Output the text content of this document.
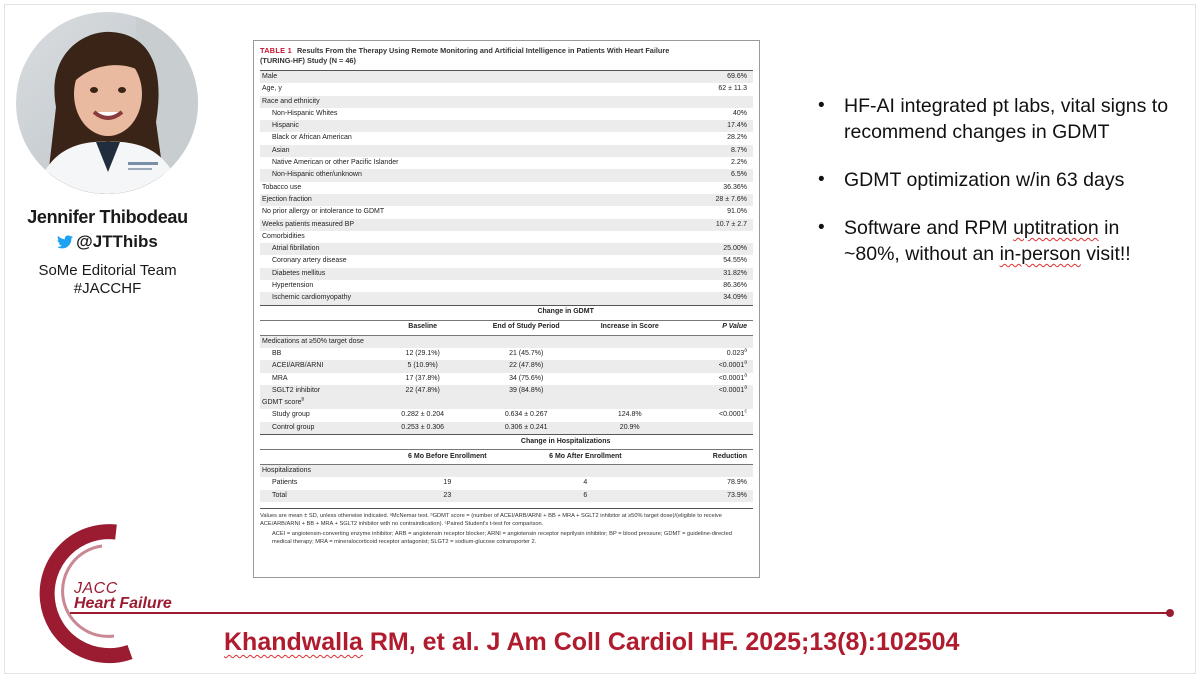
Jennifer Thibodeau
@JTThibs
SoMe Editorial Team
#JACCHF
TABLE 1 Results From the Therapy Using Remote Monitoring and Artificial Intelligence in Patients With Heart Failure
(TURING-HF) Study (N = 46)
Male	69.6%
Age, y	62 ± 11.3
Race and ethnicity	
Non-Hispanic Whites	40%
Hispanic	17.4%
Black or African American	28.2%
Asian	8.7%
Native American or other Pacific Islander	2.2%
Non-Hispanic other/unknown	6.5%
Tobacco use	36.36%
Ejection fraction	28 ± 7.6%
No prior allergy or intolerance to GDMT	91.0%
Weeks patients measured BP	10.7 ± 2.7
Comorbidities	
Atrial fibrillation	25.00%
Coronary artery disease	54.55%
Diabetes mellitus	31.82%
Hypertension	86.36%
Ischemic cardiomyopathy	34.09%
	Change in GDMT			
	Baseline	End of Study Period	Increase in Score	P Value
Medications at ≥50% target dose				
BB	12 (29.1%)	21 (45.7%)		0.023$^a$
ACEI/ARB/ARNI	5 (10.9%)	22 (47.8%)		<0.0001$^a$
MRA	17 (37.8%)	34 (75.6%)		<0.0001$^a$
SGLT2 inhibitor	22 (47.8%)	39 (84.8%)		<0.0001$^a$
GDMT score$^b$
Study group	0.282 ± 0.204	0.634 ± 0.267	124.8%	<0.0001$^c$
Control group	0.253 ± 0.306	0.306 ± 0.241	20.9%	
	Change in Hospitalizations		
	6 Mo Before Enrollment	6 Mo After Enrollment	Reduction
Hospitalizations			
Patients	19	4	78.9%
Total	23	6	73.9%

Values are mean ± SD, unless otherwise indicated. ᵃMcNemar test. ᵇGDMT score = (number of ACEI/ARB/ARNI + BB + MRA + SGLT2 inhibitor at ≥50% target dose)/(eligible to receive ACE/ARB/ARNI + BB + MRA + SGLT2 inhibitor with no contraindication). ᶜPaired Student's t-test for comparison.

ACEI = angiotensin-converting enzyme inhibitor; ARB = angiotensin receptor blocker; ARNI = angiotensin receptor neprilysin inhibitor; BP = blood pressure; GDMT = guideline-directed medical therapy; MRA = mineralocorticoid receptor antagonist; SLGT2 = sodium-glucose cotransporter 2.

• HF-AI integrated pt labs, vital signs to recommend changes in GDMT
• GDMT optimization w/in 63 days
• Software and RPM uptitration in ~80%, without an in-person visit!!
JACC
Heart Failure
Khandwalla RM, et al. J Am Coll Cardiol HF. 2025;13(8):102504
